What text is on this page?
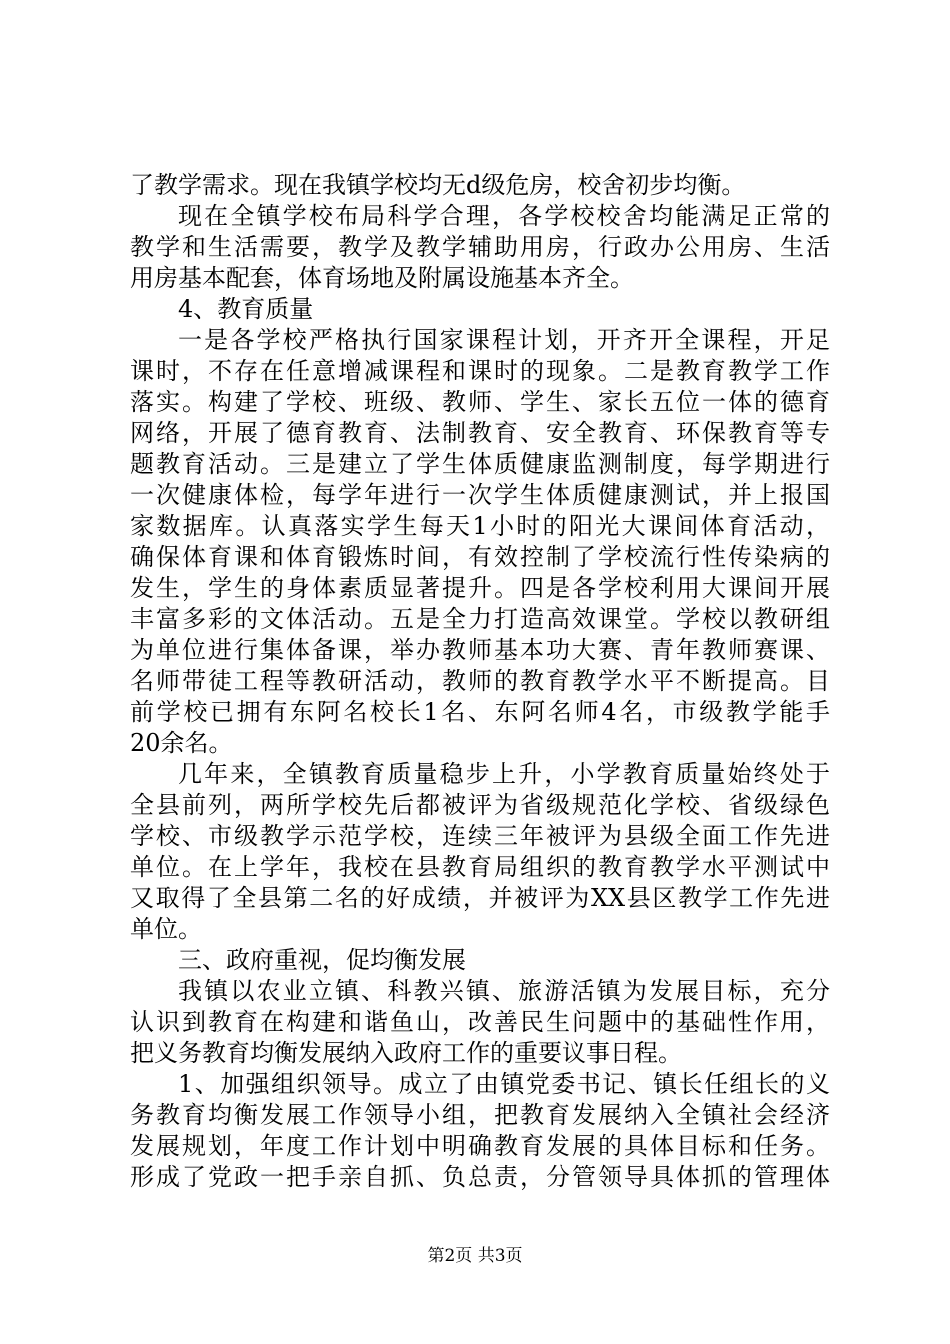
了教学需求。现在我镇学校均无d级危房，校舍初步均衡。
现在全镇学校布局科学合理，各学校校舍均能满足正常的
教学和生活需要，教学及教学辅助用房，行政办公用房、生活
用房基本配套，体育场地及附属设施基本齐全。
4、教育质量
一是各学校严格执行国家课程计划，开齐开全课程，开足
课时，不存在任意增减课程和课时的现象。二是教育教学工作
落实。构建了学校、班级、教师、学生、家长五位一体的德育
网络，开展了德育教育、法制教育、安全教育、环保教育等专
题教育活动。三是建立了学生体质健康监测制度，每学期进行
一次健康体检，每学年进行一次学生体质健康测试，并上报国
家数据库。认真落实学生每天1小时的阳光大课间体育活动，
确保体育课和体育锻炼时间，有效控制了学校流行性传染病的
发生，学生的身体素质显著提升。四是各学校利用大课间开展
丰富多彩的文体活动。五是全力打造高效课堂。学校以教研组
为单位进行集体备课，举办教师基本功大赛、青年教师赛课、
名师带徒工程等教研活动，教师的教育教学水平不断提高。目
前学校已拥有东阿名校长1名、东阿名师4名，市级教学能手
20余名。
几年来，全镇教育质量稳步上升，小学教育质量始终处于
全县前列，两所学校先后都被评为省级规范化学校、省级绿色
学校、市级教学示范学校，连续三年被评为县级全面工作先进
单位。在上学年，我校在县教育局组织的教育教学水平测试中
又取得了全县第二名的好成绩，并被评为XX县区教学工作先进
单位。
三、政府重视，促均衡发展
我镇以农业立镇、科教兴镇、旅游活镇为发展目标，充分
认识到教育在构建和谐鱼山，改善民生问题中的基础性作用，
把义务教育均衡发展纳入政府工作的重要议事日程。
1、加强组织领导。成立了由镇党委书记、镇长任组长的义
务教育均衡发展工作领导小组，把教育发展纳入全镇社会经济
发展规划，年度工作计划中明确教育发展的具体目标和任务。
形成了党政一把手亲自抓、负总责，分管领导具体抓的管理体
第2页 共3页
